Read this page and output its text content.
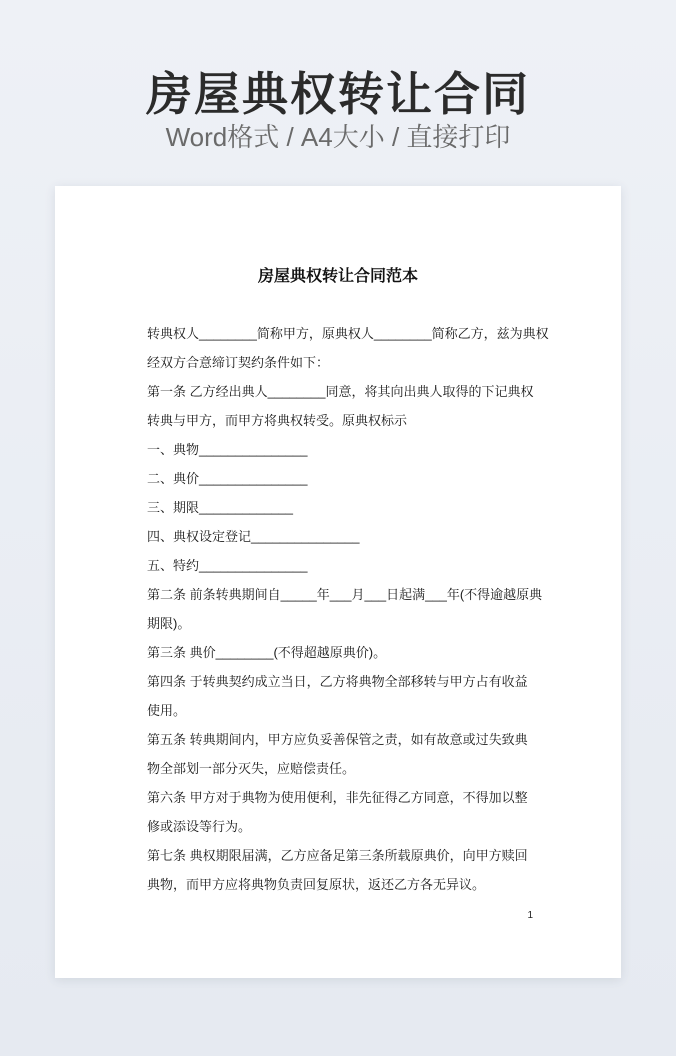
房屋典权转让合同
Word格式 / A4大小 / 直接打印
房屋典权转让合同范本
转典权人________简称甲方，原典权人________简称乙方，兹为典权
经双方合意缔订契约条件如下：
第一条 乙方经出典人________同意，将其向出典人取得的下记典权
转典与甲方，而甲方将典权转受。原典权标示
一、典物_______________
二、典价_______________
三、期限_____________
四、典权设定登记_______________
五、特约_______________
第二条 前条转典期间自_____年___月___日起满___年(不得逾越原典
期限)。
第三条 典价________(不得超越原典价)。
第四条 于转典契约成立当日，乙方将典物全部移转与甲方占有收益
使用。
第五条 转典期间内，甲方应负妥善保管之责，如有故意或过失致典
物全部划一部分灭失，应赔偿责任。
第六条 甲方对于典物为使用便利，非先征得乙方同意，不得加以整
修或添设等行为。
第七条 典权期限届满，乙方应备足第三条所载原典价，向甲方赎回
典物，而甲方应将典物负责回复原状，返还乙方各无异议。
1
